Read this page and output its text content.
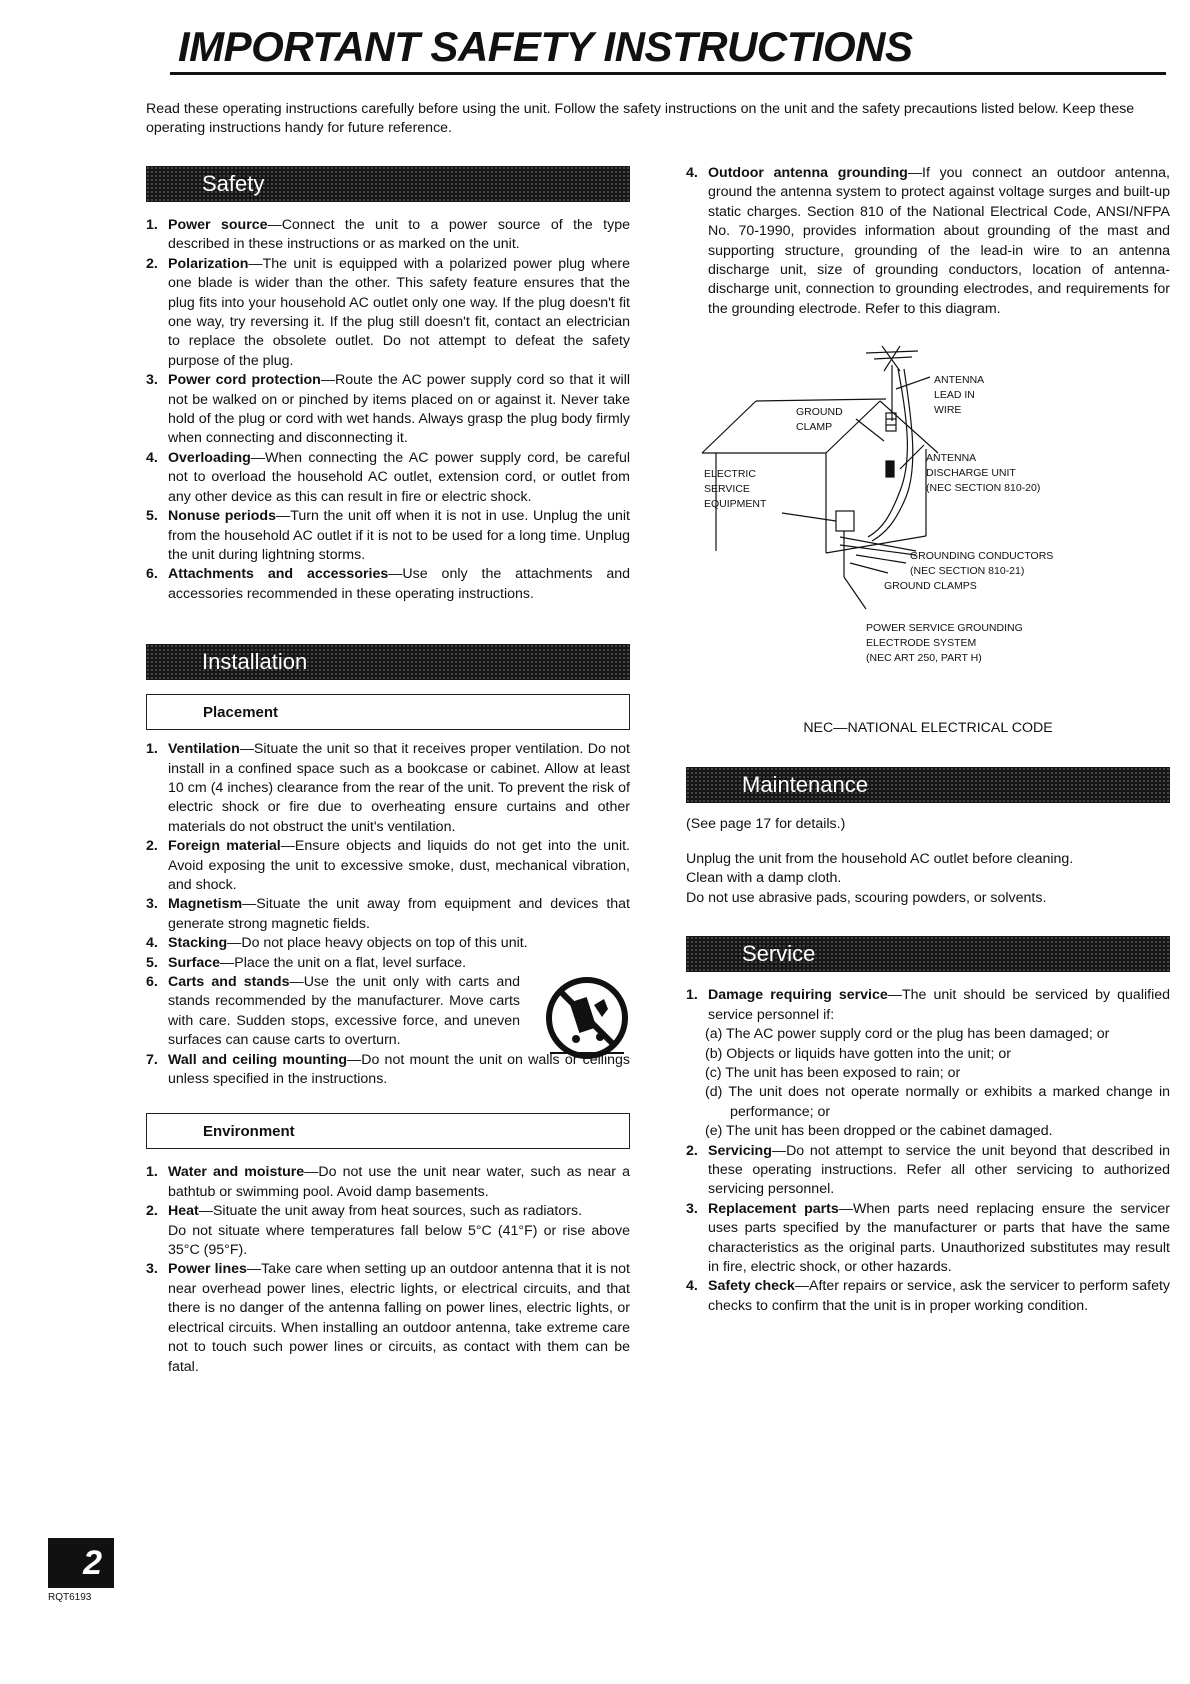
IMPORTANT SAFETY INSTRUCTIONS
Read these operating instructions carefully before using the unit. Follow the safety instructions on the unit and the safety precautions listed below. Keep these operating instructions handy for future reference.
Safety
1. Power source—Connect the unit to a power source of the type described in these instructions or as marked on the unit.
2. Polarization—The unit is equipped with a polarized power plug where one blade is wider than the other. This safety feature ensures that the plug fits into your household AC outlet only one way. If the plug doesn't fit one way, try reversing it. If the plug still doesn't fit, contact an electrician to replace the obsolete outlet. Do not attempt to defeat the safety purpose of the plug.
3. Power cord protection—Route the AC power supply cord so that it will not be walked on or pinched by items placed on or against it. Never take hold of the plug or cord with wet hands. Always grasp the plug body firmly when connecting and disconnecting it.
4. Overloading—When connecting the AC power supply cord, be careful not to overload the household AC outlet, extension cord, or outlet from any other device as this can result in fire or electric shock.
5. Nonuse periods—Turn the unit off when it is not in use. Unplug the unit from the household AC outlet if it is not to be used for a long time. Unplug the unit during lightning storms.
6. Attachments and accessories—Use only the attachments and accessories recommended in these operating instructions.
Installation
Placement
1. Ventilation—Situate the unit so that it receives proper ventilation. Do not install in a confined space such as a bookcase or cabinet. Allow at least 10 cm (4 inches) clearance from the rear of the unit. To prevent the risk of electric shock or fire due to overheating ensure curtains and other materials do not obstruct the unit's ventilation.
2. Foreign material—Ensure objects and liquids do not get into the unit. Avoid exposing the unit to excessive smoke, dust, mechanical vibration, and shock.
3. Magnetism—Situate the unit away from equipment and devices that generate strong magnetic fields.
4. Stacking—Do not place heavy objects on top of this unit.
5. Surface—Place the unit on a flat, level surface.
6. Carts and stands—Use the unit only with carts and stands recommended by the manufacturer. Move carts with care. Sudden stops, excessive force, and uneven surfaces can cause carts to overturn.
7. Wall and ceiling mounting—Do not mount the unit on walls or ceilings unless specified in the instructions.
Environment
1. Water and moisture—Do not use the unit near water, such as near a bathtub or swimming pool. Avoid damp basements.
2. Heat—Situate the unit away from heat sources, such as radiators.
Do not situate where temperatures fall below 5°C (41°F) or rise above 35°C (95°F).
3. Power lines—Take care when setting up an outdoor antenna that it is not near overhead power lines, electric lights, or electrical circuits, and that there is no danger of the antenna falling on power lines, electric lights, or electrical circuits. When installing an outdoor antenna, take extreme care not to touch such power lines or circuits, as contact with them can be fatal.
4. Outdoor antenna grounding—If you connect an outdoor antenna, ground the antenna system to protect against voltage surges and built-up static charges. Section 810 of the National Electrical Code, ANSI/NFPA No. 70-1990, provides information about grounding of the mast and supporting structure, grounding of the lead-in wire to an antenna discharge unit, size of grounding conductors, location of antenna-discharge unit, connection to grounding electrodes, and requirements for the grounding electrode. Refer to this diagram.
ANTENNA LEAD IN WIRE
GROUND CLAMP
ELECTRIC SERVICE EQUIPMENT
ANTENNA DISCHARGE UNIT (NEC SECTION 810-20)
GROUNDING CONDUCTORS (NEC SECTION 810-21)
GROUND CLAMPS
POWER SERVICE GROUNDING ELECTRODE SYSTEM (NEC ART 250, PART H)

NEC—NATIONAL ELECTRICAL CODE

Maintenance

(See page 17 for details.)

Unplug the unit from the household AC outlet before cleaning.

Clean with a damp cloth.

Do not use abrasive pads, scouring powders, or solvents.

Service
1. Damage requiring service—The unit should be serviced by qualified service personnel if:
(a) The AC power supply cord or the plug has been damaged; or
(b) Objects or liquids have gotten into the unit; or
(c) The unit has been exposed to rain; or
(d) The unit does not operate normally or exhibits a marked change in performance; or
(e) The unit has been dropped or the cabinet damaged.
2. Servicing—Do not attempt to service the unit beyond that described in these operating instructions. Refer all other servicing to authorized servicing personnel.
3. Replacement parts—When parts need replacing ensure the servicer uses parts specified by the manufacturer or parts that have the same characteristics as the original parts. Unauthorized substitutes may result in fire, electric shock, or other hazards.
4. Safety check—After repairs or service, ask the servicer to perform safety checks to confirm that the unit is in proper working condition.
2
RQT6193
